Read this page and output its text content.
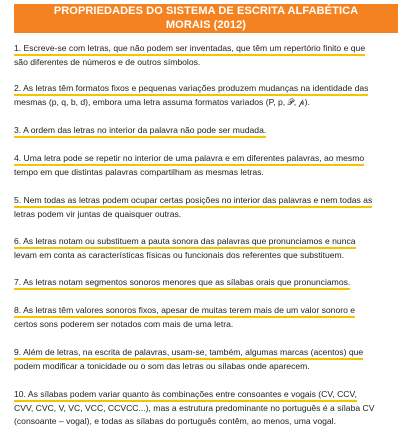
PROPRIEDADES DO SISTEMA DE ESCRITA ALFABÉTICA
MORAIS (2012)
1. Escreve-se com letras, que não podem ser inventadas, que têm um repertório finito e que
são diferentes de números e de outros símbolos.
2. As letras têm formatos fixos e pequenas variações produzem mudanças na identidade das
mesmas (p, q, b, d), embora uma letra assuma formatos variados (P, p, 𝒫, 𝓅).
3. A ordem das letras no interior da palavra não pode ser mudada.
4. Uma letra pode se repetir no interior de uma palavra e em diferentes palavras, ao mesmo
tempo em que distintas palavras compartilham as mesmas letras.
5. Nem todas as letras podem ocupar certas posições no interior das palavras e nem todas as
letras podem vir juntas de quaisquer outras.
6. As letras notam ou substituem a pauta sonora das palavras que pronunciamos e nunca
levam em conta as características físicas ou funcionais dos referentes que substituem.
7. As letras notam segmentos sonoros menores que as sílabas orais que pronunciamos.
8. As letras têm valores sonoros fixos, apesar de muitas terem mais de um valor sonoro e
certos sons poderem ser notados com mais de uma letra.
9. Além de letras, na escrita de palavras, usam-se, também, algumas marcas (acentos) que
podem modificar a tonicidade ou o som das letras ou sílabas onde aparecem.
10. As sílabas podem variar quanto às combinações entre consoantes e vogais (CV, CCV,
CVV, CVC, V, VC, VCC, CCVCC...), mas a estrutura predominante no português é a sílaba CV
(consoante – vogal), e todas as sílabas do português contêm, ao menos, uma vogal.
